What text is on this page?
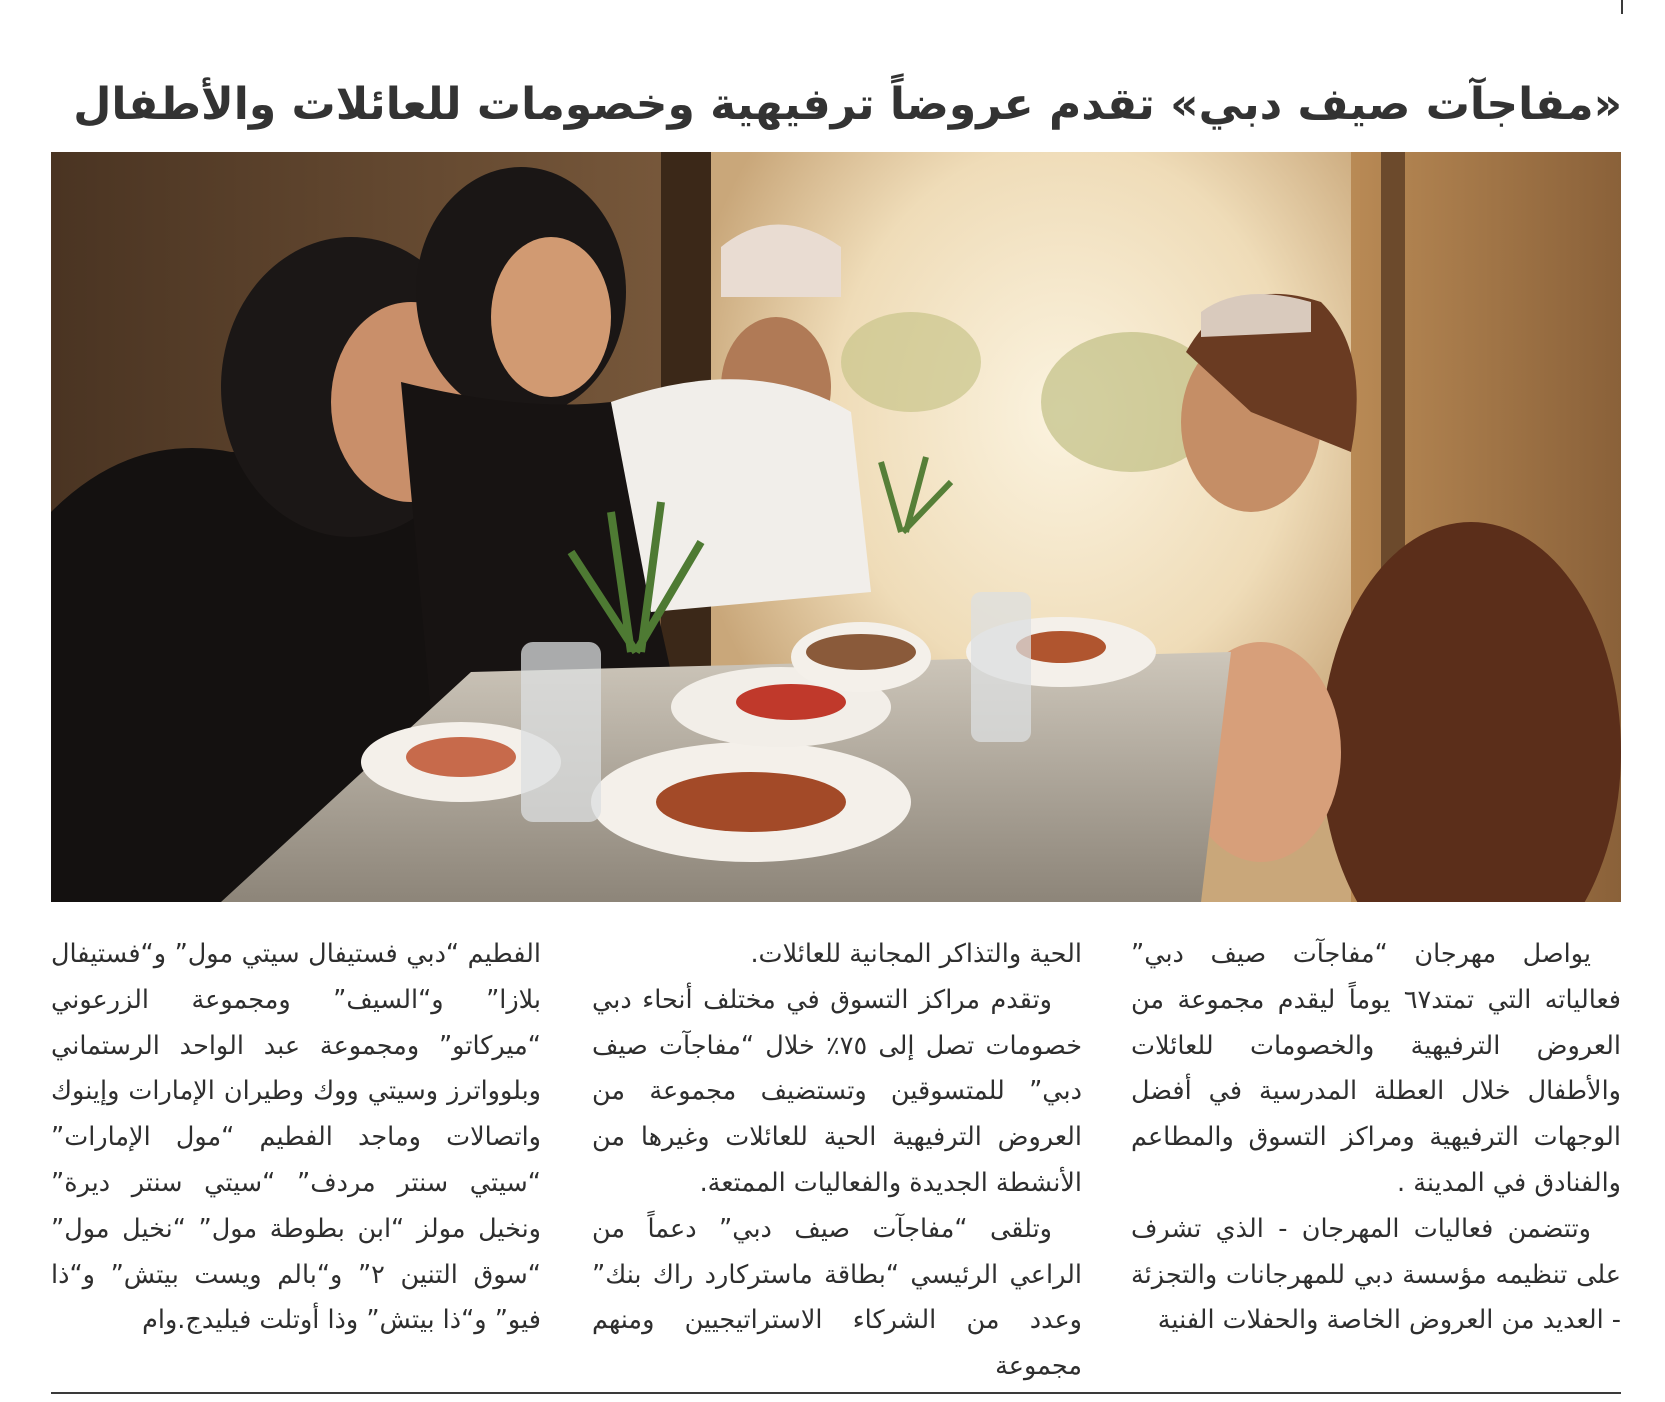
«مفاجآت صيف دبي» تقدم عروضاً ترفيهية وخصومات للعائلات والأطفال

يواصل مهرجان “مفاجآت صيف دبي” فعالياته التي تمتد٦٧ يوماً ليقدم مجموعة من العروض الترفيهية والخصومات للعائلات والأطفال خلال العطلة المدرسية في أفضل الوجهات الترفيهية ومراكز التسوق والمطاعم والفنادق في المدينة .

وتتضمن فعاليات المهرجان - الذي تشرف على تنظيمه مؤسسة دبي للمهرجانات والتجزئة - العديد من العروض الخاصة والحفلات الفنية

الحية والتذاكر المجانية للعائلات.

وتقدم مراكز التسوق في مختلف أنحاء دبي خصومات تصل إلى ٧٥٪ خلال “مفاجآت صيف دبي” للمتسوقين وتستضيف مجموعة من العروض الترفيهية الحية للعائلات وغيرها من الأنشطة الجديدة والفعاليات الممتعة.

وتلقى “مفاجآت صيف دبي” دعماً من الراعي الرئيسي “بطاقة ماستركارد راك بنك” وعدد من الشركاء الاستراتيجيين ومنهم مجموعة

الفطيم “دبي فستيفال سيتي مول” و“فستيفال بلازا” و“السيف” ومجموعة الزرعوني “ميركاتو” ومجموعة عبد الواحد الرستماني وبلوواترز وسيتي ووك وطيران الإمارات وإينوك واتصالات وماجد الفطيم “مول الإمارات” “سيتي سنتر مردف” “سيتي سنتر ديرة” ونخيل مولز “ابن بطوطة مول” “نخيل مول” “سوق التنين ٢” و“بالم ويست بيتش” و“ذا فيو” و“ذا بيتش” وذا أوتلت فيليدج.وام
